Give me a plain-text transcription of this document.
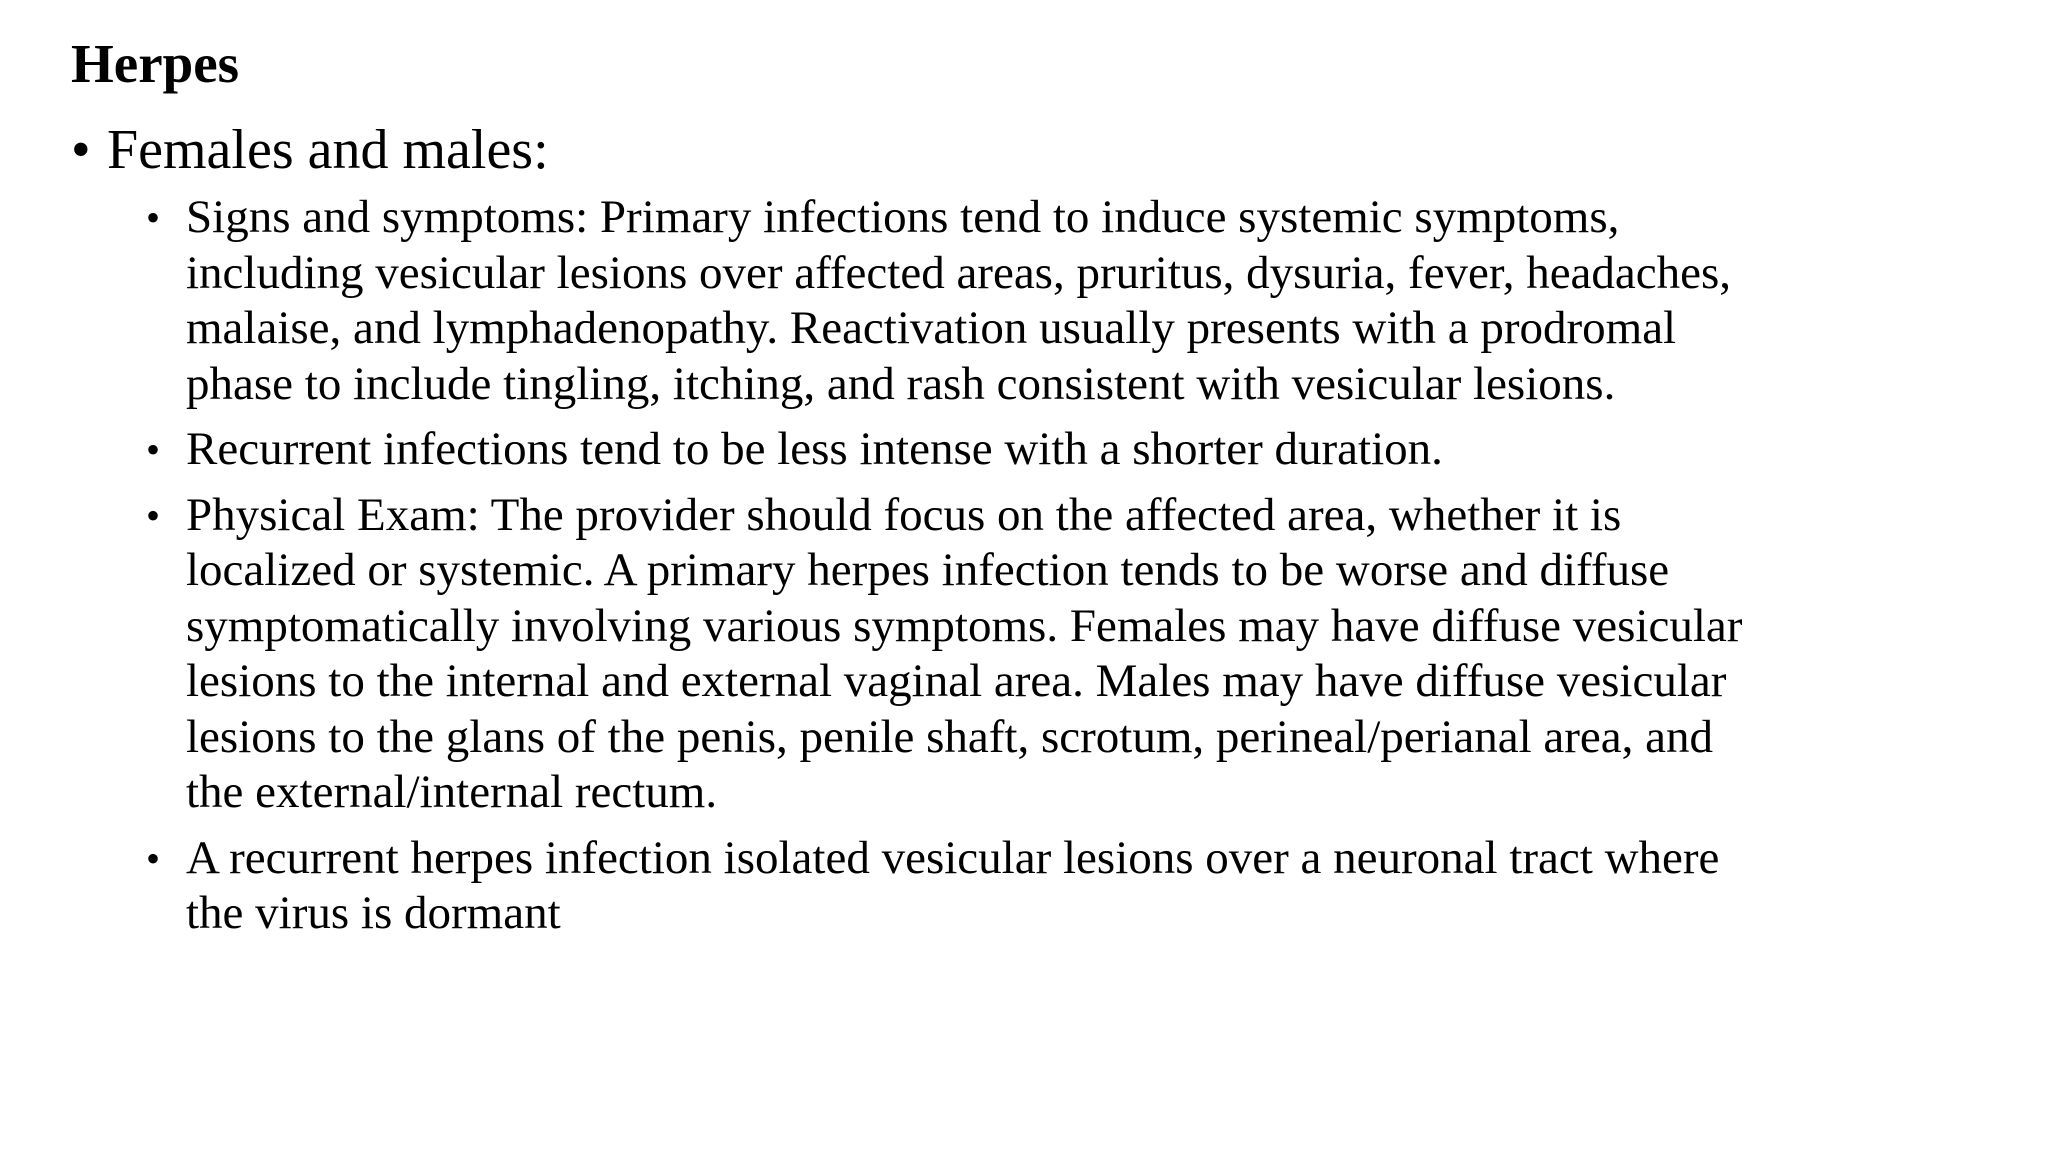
Herpes

• Females and males:

• Signs and symptoms: Primary infections tend to induce systemic symptoms,
including vesicular lesions over affected areas, pruritus, dysuria, fever, headaches,
malaise, and lymphadenopathy. Reactivation usually presents with a prodromal
phase to include tingling, itching, and rash consistent with vesicular lesions.
• Recurrent infections tend to be less intense with a shorter duration.
• Physical Exam: The provider should focus on the affected area, whether it is
localized or systemic. A primary herpes infection tends to be worse and diffuse
symptomatically involving various symptoms. Females may have diffuse vesicular
lesions to the internal and external vaginal area. Males may have diffuse vesicular
lesions to the glans of the penis, penile shaft, scrotum, perineal/perianal area, and
the external/internal rectum.
• A recurrent herpes infection isolated vesicular lesions over a neuronal tract where
the virus is dormant
